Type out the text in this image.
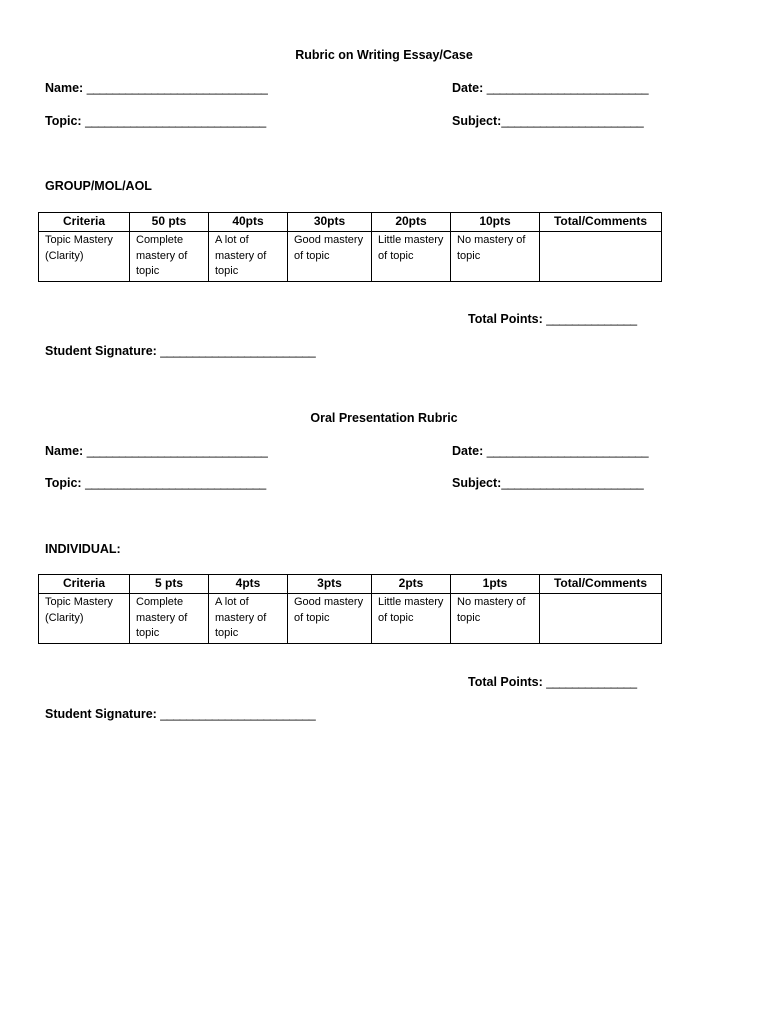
Rubric on Writing Essay/Case
Name: ____________________________	Date: _________________________
Topic: ____________________________	Subject:______________________
GROUP/MOL/AOL
Criteria	50 pts	40pts	30pts	20pts	10pts	Total/Comments
Topic Mastery (Clarity)	Complete mastery of topic	A lot of mastery of topic	Good mastery of topic	Little mastery of topic	No mastery of topic	
Total Points: ______________
Student Signature: ________________________
Oral Presentation Rubric
Name: ____________________________	Date: _________________________
Topic: ____________________________	Subject:______________________
INDIVIDUAL:
Criteria	5 pts	4pts	3pts	2pts	1pts	Total/Comments
Topic Mastery (Clarity)	Complete mastery of topic	A lot of mastery of topic	Good mastery of topic	Little mastery of topic	No mastery of topic	
Total Points: ______________
Student Signature: ________________________
